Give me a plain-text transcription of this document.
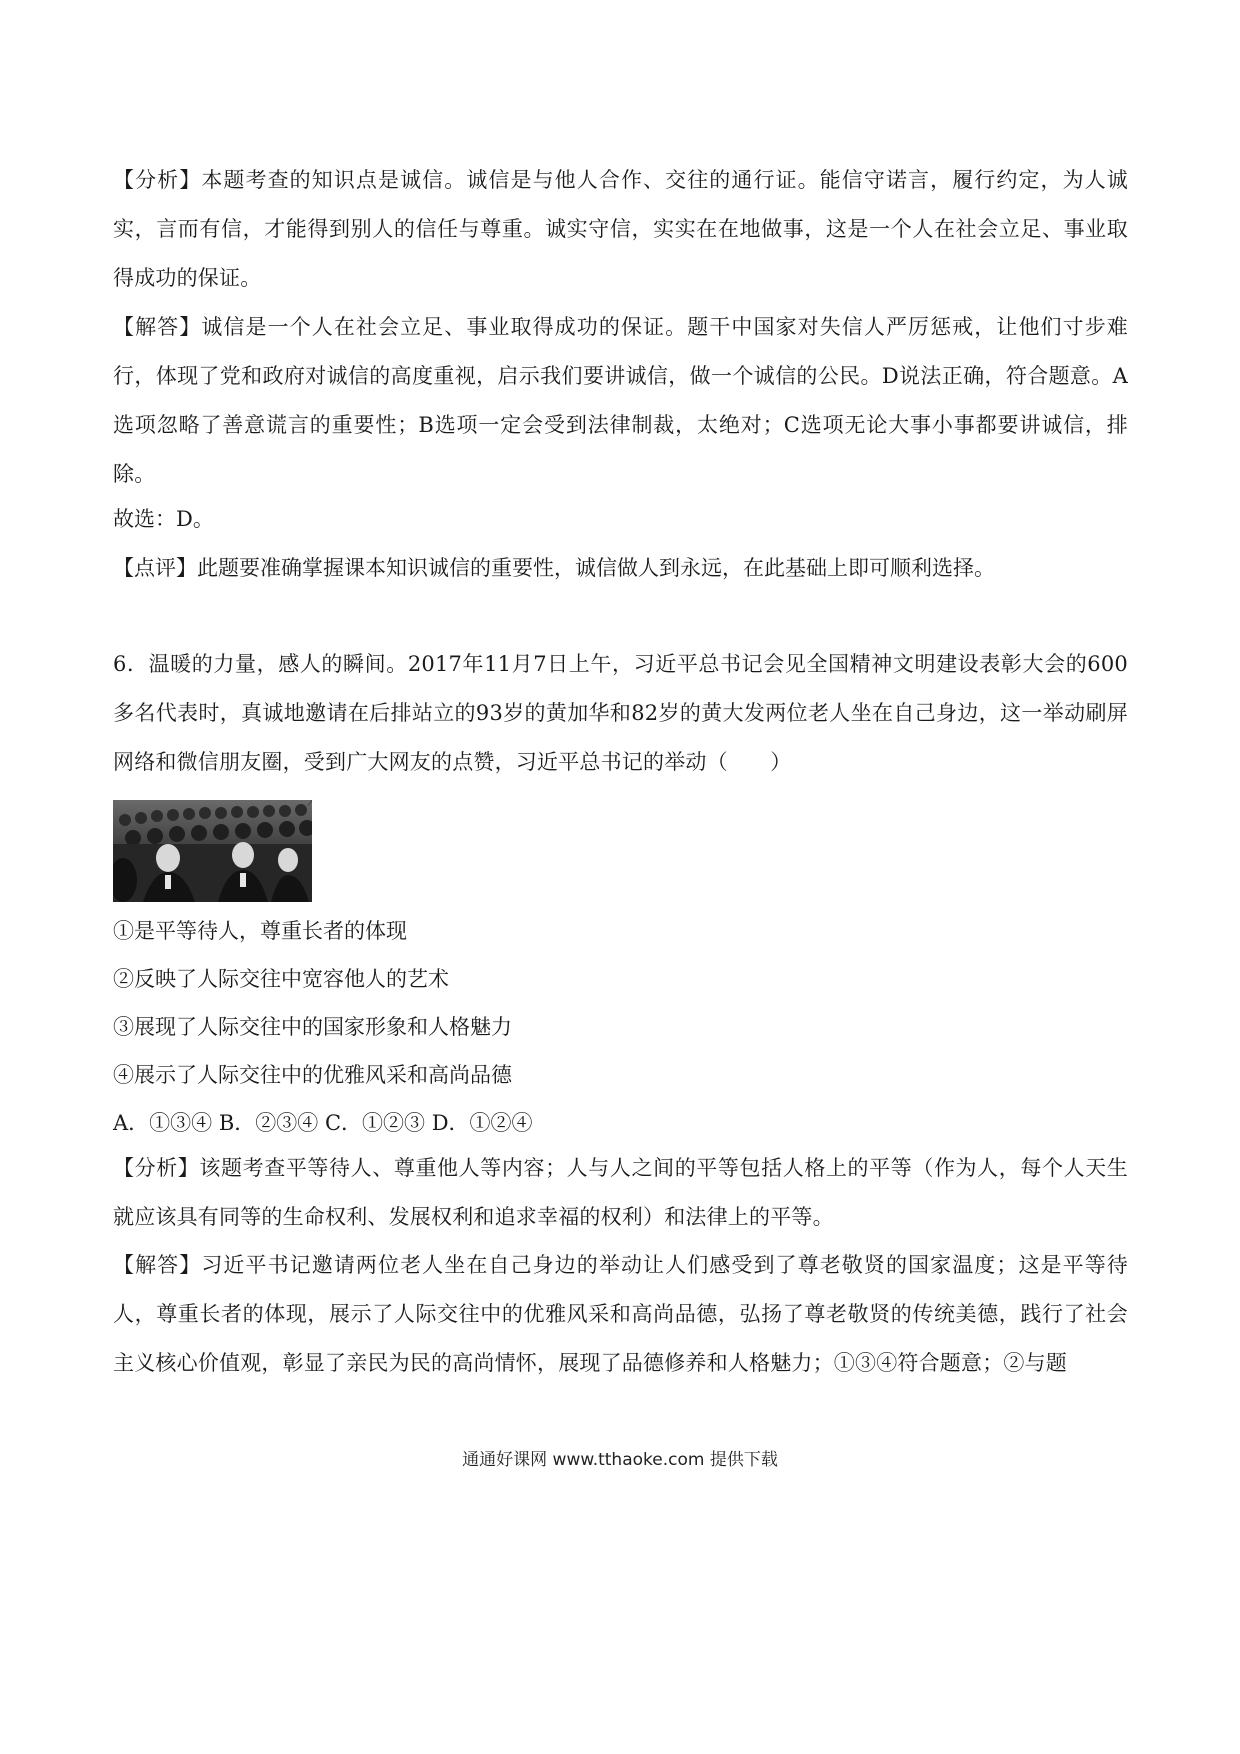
【分析】本题考查的知识点是诚信。诚信是与他人合作、交往的通行证。能信守诺言，履行约定，为人诚实，言而有信，才能得到别人的信任与尊重。诚实守信，实实在在地做事，这是一个人在社会立足、事业取得成功的保证。

【解答】诚信是一个人在社会立足、事业取得成功的保证。题干中国家对失信人严厉惩戒，让他们寸步难行，体现了党和政府对诚信的高度重视，启示我们要讲诚信，做一个诚信的公民。D说法正确，符合题意。A选项忽略了善意谎言的重要性；B选项一定会受到法律制裁，太绝对；C选项无论大事小事都要讲诚信，排除。

故选：D。

【点评】此题要准确掌握课本知识诚信的重要性，诚信做人到永远，在此基础上即可顺利选择。

6．温暖的力量，感人的瞬间。2017年11月7日上午，习近平总书记会见全国精神文明建设表彰大会的600多名代表时，真诚地邀请在后排站立的93岁的黄加华和82岁的黄大发两位老人坐在自己身边，这一举动刷屏网络和微信朋友圈，受到广大网友的点赞，习近平总书记的举动（　　）

①是平等待人，尊重长者的体现

②反映了人际交往中宽容他人的艺术

③展现了人际交往中的国家形象和人格魅力

④展示了人际交往中的优雅风采和高尚品德

A．①③④ B．②③④ C．①②③ D．①②④

【分析】该题考查平等待人、尊重他人等内容；人与人之间的平等包括人格上的平等（作为人，每个人天生就应该具有同等的生命权利、发展权利和追求幸福的权利）和法律上的平等。

【解答】习近平书记邀请两位老人坐在自己身边的举动让人们感受到了尊老敬贤的国家温度；这是平等待人，尊重长者的体现，展示了人际交往中的优雅风采和高尚品德，弘扬了尊老敬贤的传统美德，践行了社会主义核心价值观，彰显了亲民为民的高尚情怀，展现了品德修养和人格魅力；①③④符合题意；②与题

通通好课网 www.tthaoke.com 提供下载
